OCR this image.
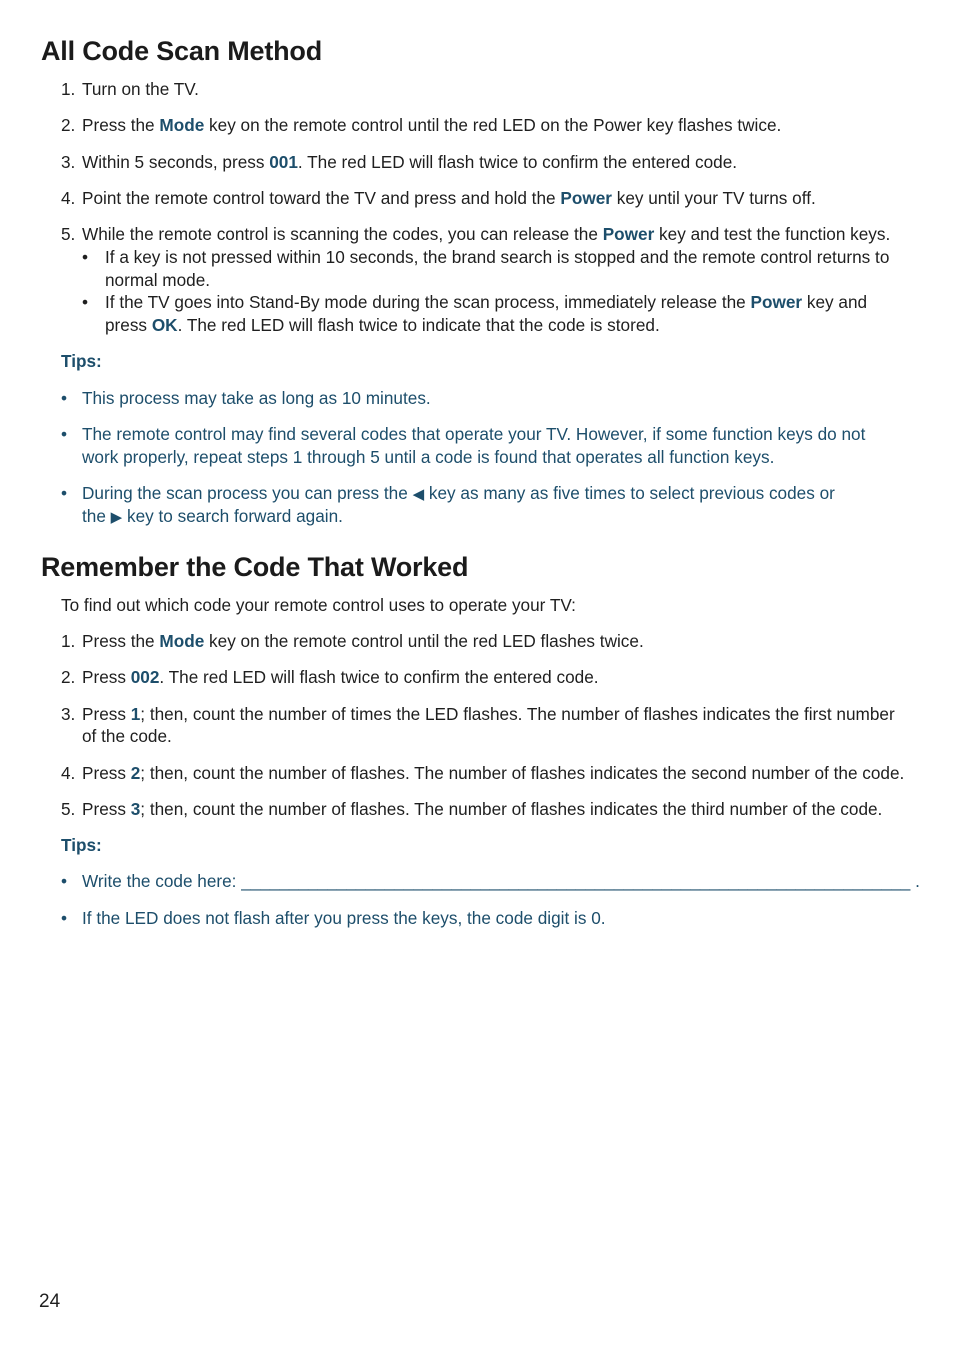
All Code Scan Method
1. Turn on the TV.

2. Press the Mode key on the remote control until the red LED on the Power key flashes twice.

3. Within 5 seconds, press 001. The red LED will flash twice to confirm the entered code.

4. Point the remote control toward the TV and press and hold the Power key until your TV turns off.

5. While the remote control is scanning the codes, you can release the Power key and test the function keys.

• If a key is not pressed within 10 seconds, the brand search is stopped and the remote control returns to

normal mode.

• If the TV goes into Stand-By mode during the scan process, immediately release the Power key and

press OK. The red LED will flash twice to indicate that the code is stored.

Tips:
• This process may take as long as 10 minutes.

• The remote control may find several codes that operate your TV. However, if some function keys do not

work properly, repeat steps 1 through 5 until a code is found that operates all function keys.

• During the scan process you can press the ◀ key as many as five times to select previous codes or

the ▶ key to search forward again.

Remember the Code That Worked

To find out which code your remote control uses to operate your TV:

1. Press the Mode key on the remote control until the red LED flashes twice.

2. Press 002. The red LED will flash twice to confirm the entered code.

3. Press 1; then, count the number of times the LED flashes. The number of flashes indicates the first number

of the code.

4. Press 2; then, count the number of flashes. The number of flashes indicates the second number of the code.

5. Press 3; then, count the number of flashes. The number of flashes indicates the third number of the code.

Tips:
• Write the code here: ______________________________________________________________________ .

• If the LED does not flash after you press the keys, the code digit is 0.

24
